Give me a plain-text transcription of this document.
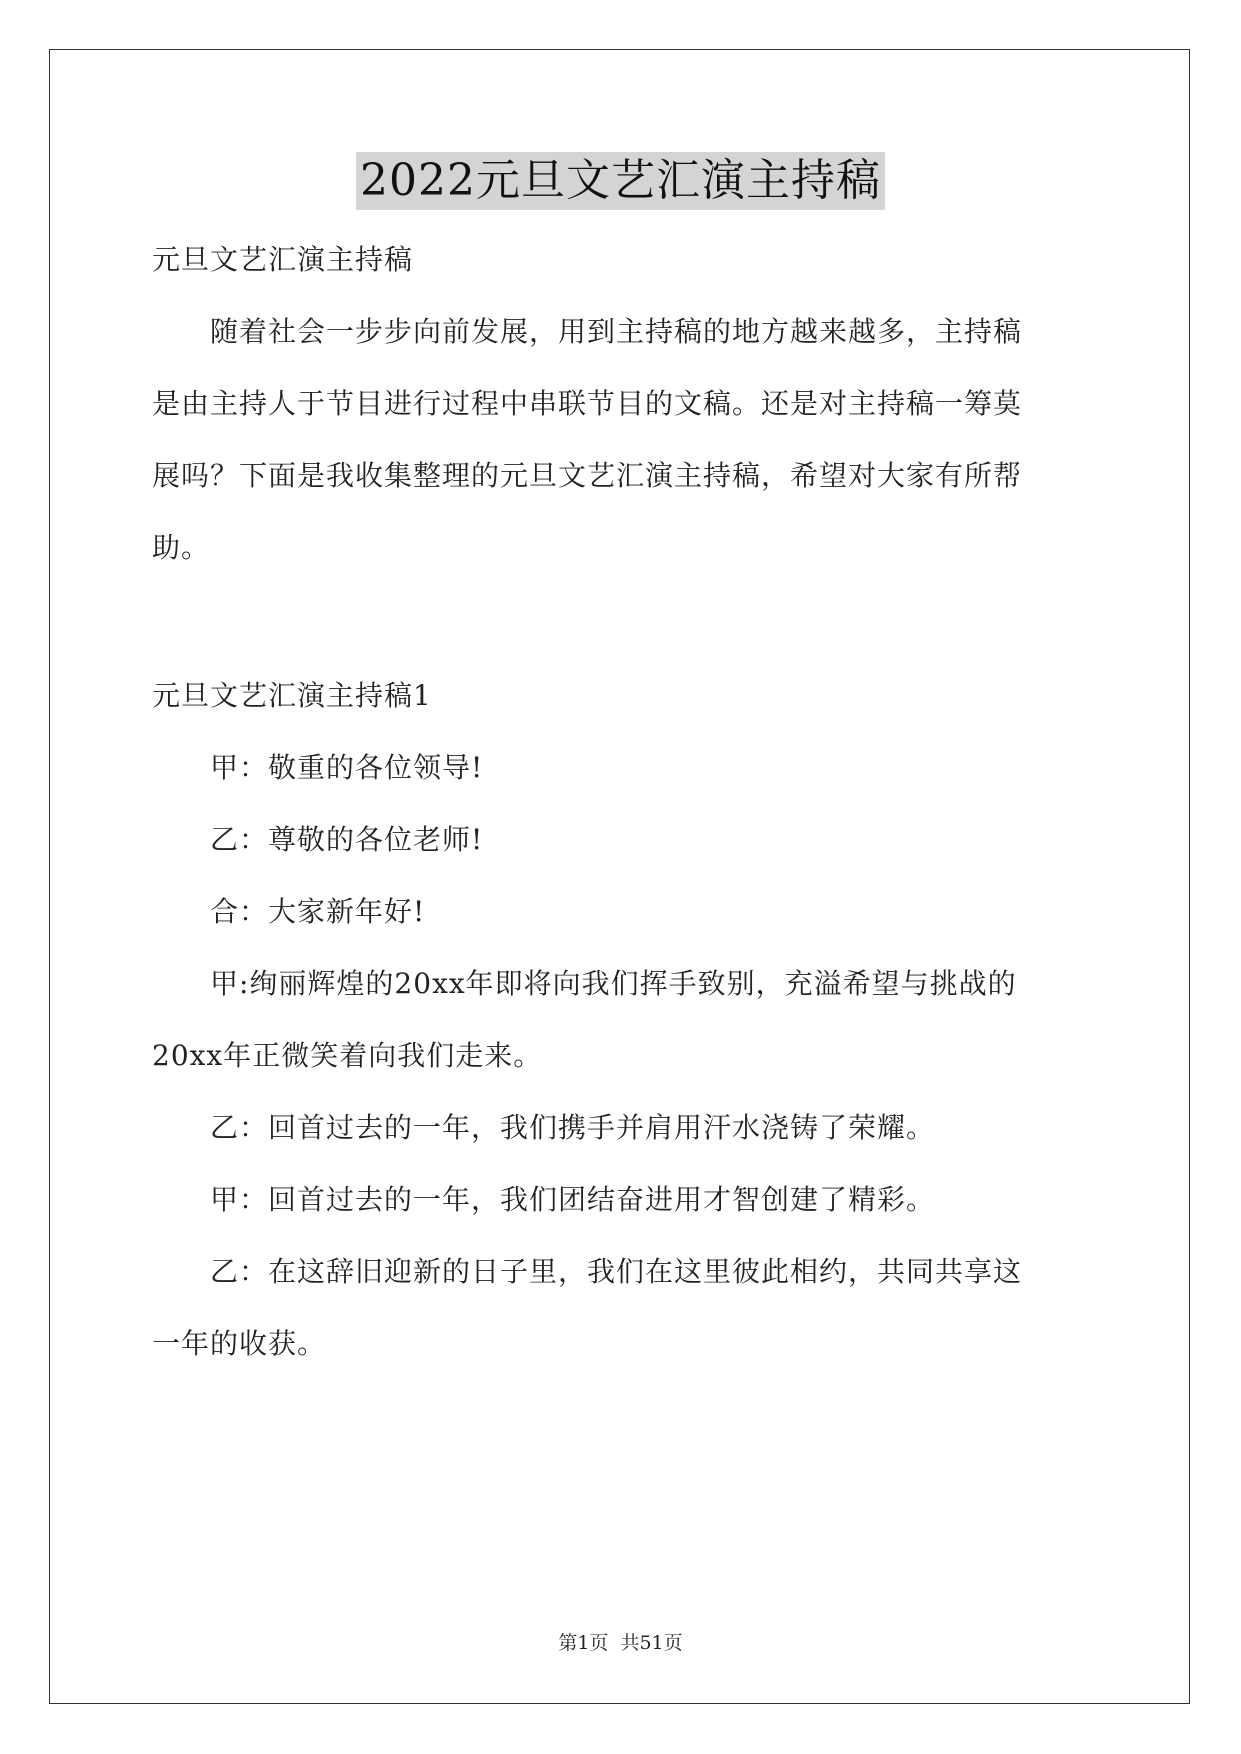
2022元旦文艺汇演主持稿
元旦文艺汇演主持稿
　　随着社会一步步向前发展，用到主持稿的地方越来越多，主持稿
是由主持人于节目进行过程中串联节目的文稿。还是对主持稿一筹莫
展吗？下面是我收集整理的元旦文艺汇演主持稿，希望对大家有所帮
助。
元旦文艺汇演主持稿1
　　甲：敬重的各位领导!
　　乙：尊敬的各位老师!
　　合：大家新年好!
　　甲:绚丽辉煌的20xx年即将向我们挥手致别，充溢希望与挑战的
20xx年正微笑着向我们走来。
　　乙：回首过去的一年，我们携手并肩用汗水浇铸了荣耀。
　　甲：回首过去的一年，我们团结奋进用才智创建了精彩。
　　乙：在这辞旧迎新的日子里，我们在这里彼此相约，共同共享这
一年的收获。
第1页 共51页
